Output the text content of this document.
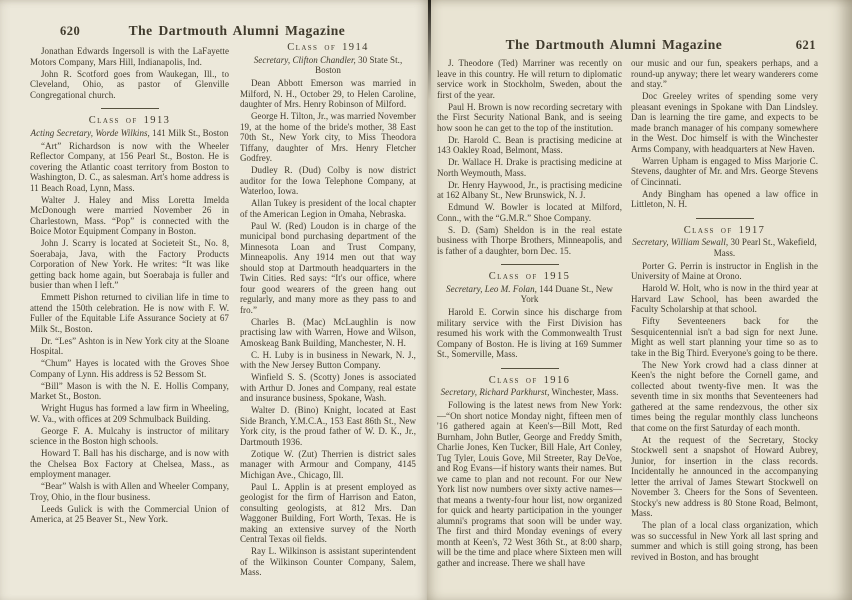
620	The Dartmouth Alumni Magazine

Jonathan Edwards Ingersoll is with the LaFayette Motors Company, Mars Hill, Indianapolis, Ind.

John R. Scotford goes from Waukegan, Ill., to Cleveland, Ohio, as pastor of Glenville Congregational church.

Class of 1913
Acting Secretary, Worde Wilkins, 141 Milk St., Boston

“Art” Richardson is now with the Wheeler Reflector Company, at 156 Pearl St., Boston. He is covering the Atlantic coast territory from Boston to Washington, D. C., as salesman. Art's home address is 11 Beach Road, Lynn, Mass.

Walter J. Haley and Miss Loretta Imelda McDonough were married November 26 in Charlestown, Mass. “Pop” is connected with the Boice Motor Equipment Company in Boston.

John J. Scarry is located at Societeit St., No. 8, Soerabaja, Java, with the Factory Products Corporation of New York. He writes: “It was like getting back home again, but Soerabaja is fuller and busier than when I left.”

Emmett Pishon returned to civilian life in time to attend the 150th celebration. He is now with F. W. Fuller of the Equitable Life Assurance Society at 67 Milk St., Boston.

Dr. “Les” Ashton is in New York city at the Sloane Hospital.

“Chum” Hayes is located with the Groves Shoe Company of Lynn. His address is 52 Bessom St.

“Bill” Mason is with the N. E. Hollis Company, Market St., Boston.

Wright Hugus has formed a law firm in Wheeling, W. Va., with offices at 209 Schmulback Building.

George F. A. Mulcahy is instructor of military science in the Boston high schools.

Howard T. Ball has his discharge, and is now with the Chelsea Box Factory at Chelsea, Mass., as employment manager.

“Bear” Walsh is with Allen and Wheeler Company, Troy, Ohio, in the flour business.

Leeds Gulick is with the Commercial Union of America, at 25 Beaver St., New York.

Class of 1914
Secretary, Clifton Chandler, 30 State St., Boston

Dean Abbott Emerson was married in Milford, N. H., October 29, to Helen Caroline, daughter of Mrs. Henry Robinson of Milford.

George H. Tilton, Jr., was married November 19, at the home of the bride's mother, 38 East 70th St., New York city, to Miss Theodora Tiffany, daughter of Mrs. Henry Fletcher Godfrey.

Dudley R. (Dud) Colby is now district auditor for the Iowa Telephone Company, at Waterloo, Iowa.

Allan Tukey is president of the local chapter of the American Legion in Omaha, Nebraska.

Paul W. (Red) Loudon is in charge of the municipal bond purchasing department of the Minnesota Loan and Trust Company, Minneapolis. Any 1914 men out that way should stop at Dartmouth headquarters in the Twin Cities. Red says: “It's our office, where four good wearers of the green hang out regularly, and many more as they pass to and fro.”

Charles B. (Mac) McLaughlin is now practising law with Warren, Howe and Wilson, Amoskeag Bank Building, Manchester, N. H.

C. H. Luby is in business in Newark, N. J., with the New Jersey Button Company.

Winfield S. S. (Scotty) Jones is associated with Arthur D. Jones and Company, real estate and insurance business, Spokane, Wash.

Walter D. (Bino) Knight, located at East Side Branch, Y.M.C.A., 153 East 86th St., New York city, is the proud father of W. D. K., Jr., Dartmouth 1936.

Zotique W. (Zut) Therrien is district sales manager with Armour and Company, 4145 Michigan Ave., Chicago, Ill.

Paul L. Applin is at present employed as geologist for the firm of Harrison and Eaton, consulting geologists, at 812 Mrs. Dan Waggoner Building, Fort Worth, Texas. He is making an extensive survey of the North Central Texas oil fields.

Ray L. Wilkinson is assistant superintendent of the Wilkinson Counter Company, Salem, Mass.

The Dartmouth Alumni Magazine	621

J. Theodore (Ted) Marriner was recently on leave in this country. He will return to diplomatic service work in Stockholm, Sweden, about the first of the year.

Paul H. Brown is now recording secretary with the First Security National Bank, and is seeing how soon he can get to the top of the institution.

Dr. Harold C. Bean is practising medicine at 143 Oakley Road, Belmont, Mass.

Dr. Wallace H. Drake is practising medicine at North Weymouth, Mass.

Dr. Henry Haywood, Jr., is practising medicine at 162 Albany St., New Brunswick, N. J.

Edmund W. Bowler is located at Milford, Conn., with the “G.M.R.” Shoe Company.

S. D. (Sam) Sheldon is in the real estate business with Thorpe Brothers, Minneapolis, and is father of a daughter, born Dec. 15.

Class of 1915
Secretary, Leo M. Folan, 144 Duane St., New York

Harold E. Corwin since his discharge from military service with the First Division has resumed his work with the Commonwealth Trust Company of Boston. He is living at 169 Summer St., Somerville, Mass.

Class of 1916
Secretary, Richard Parkhurst, Winchester, Mass.

Following is the latest news from New York:—“On short notice Monday night, fifteen men of '16 gathered again at Keen's—Bill Mott, Red Burnham, John Butler, George and Freddy Smith, Charlie Jones, Ken Tucker, Bill Hale, Art Conley, Tug Tyler, Louis Gove, Mil Streeter, Ray DeVoe, and Rog Evans—if history wants their names. But we came to plan and not recount. For our New York list now numbers over sixty active names—that means a twenty-four hour list, now organized for quick and hearty participation in the younger alumni's programs that soon will be under way. The first and third Monday evenings of every month at Keen's, 72 West 36th St., at 8:00 sharp, will be the time and place where Sixteen men will gather and increase. There we shall have

our music and our fun, speakers perhaps, and a round-up anyway; there let weary wanderers come and stay.”

Doc Greeley writes of spending some very pleasant evenings in Spokane with Dan Lindsley. Dan is learning the tire game, and expects to be made branch manager of his company somewhere in the West. Doc himself is with the Winchester Arms Company, with headquarters at New Haven.

Warren Upham is engaged to Miss Marjorie C. Stevens, daughter of Mr. and Mrs. George Stevens of Cincinnati.

Andy Bingham has opened a law office in Littleton, N. H.

Class of 1917
Secretary, William Sewall, 30 Pearl St., Wakefield, Mass.

Porter G. Perrin is instructor in English in the University of Maine at Orono.

Harold W. Holt, who is now in the third year at Harvard Law School, has been awarded the Faculty Scholarship at that school.

Fifty Seventeeners back for the Sesquicentennial isn't a bad sign for next June. Might as well start planning your time so as to take in the Big Third. Everyone's going to be there.

The New York crowd had a class dinner at Keen's the night before the Cornell game, and collected about twenty-five men. It was the seventh time in six months that Seventeeners had gathered at the same rendezvous, the other six times being the regular monthly class luncheons that come on the first Saturday of each month.

At the request of the Secretary, Stocky Stockwell sent a snapshot of Howard Aubrey, Junior, for insertion in the class records. Incidentally he announced in the accompanying letter the arrival of James Stewart Stockwell on November 3. Cheers for the Sons of Seventeen. Stocky's new address is 80 Stone Road, Belmont, Mass.

The plan of a local class organization, which was so successful in New York all last spring and summer and which is still going strong, has been revived in Boston, and has brought
